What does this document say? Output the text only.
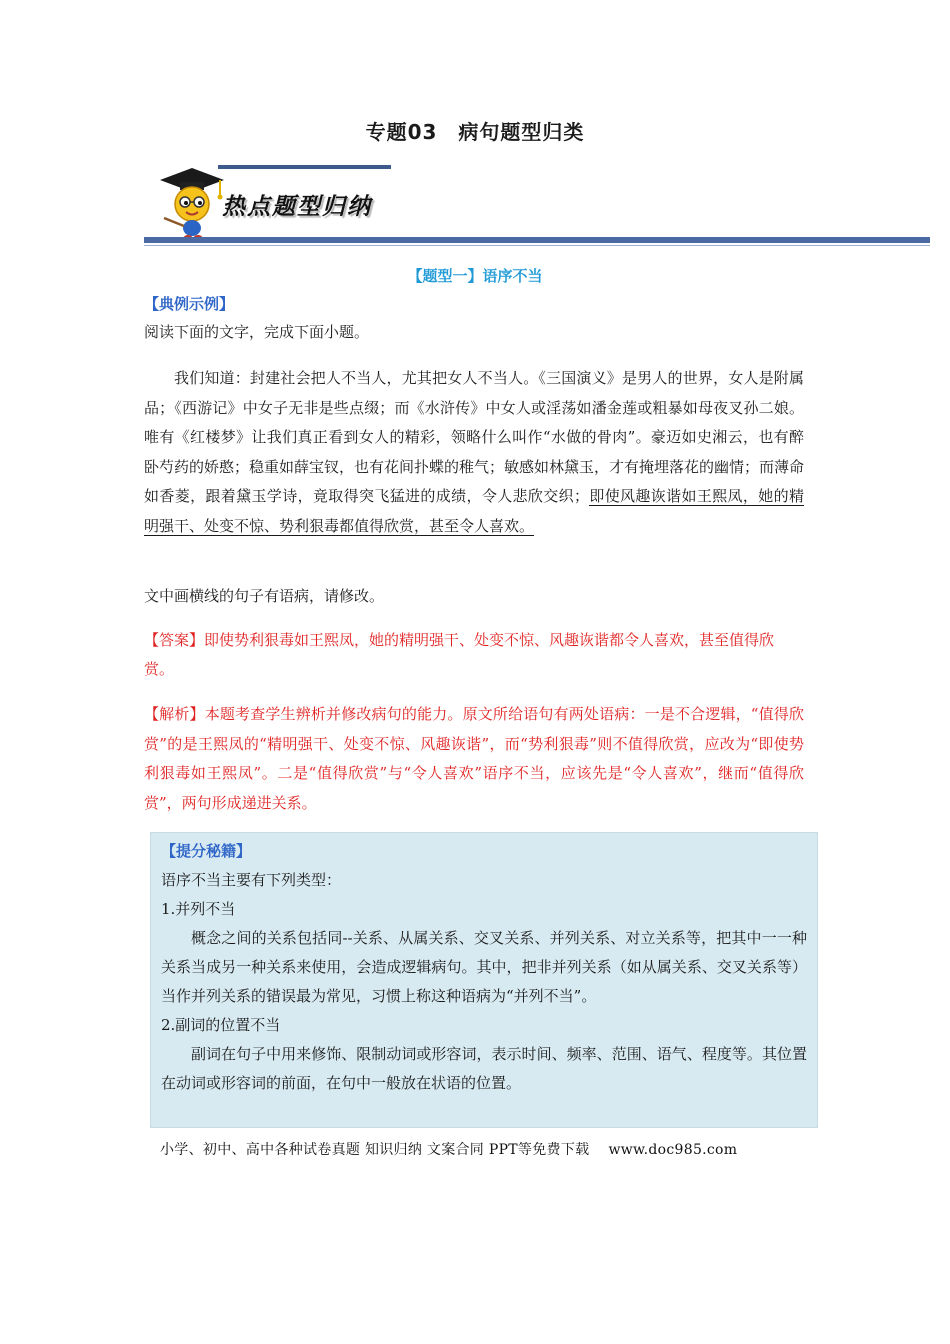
专题03　病句题型归类
热点题型归纳
【题型一】语序不当
【典例示例】
阅读下面的文字，完成下面小题。
我们知道：封建社会把人不当人，尤其把女人不当人。《三国演义》是男人的世界，女人是附属品；《西游记》中女子无非是些点缀；而《水浒传》中女人或淫荡如潘金莲或粗暴如母夜叉孙二娘。唯有《红楼梦》让我们真正看到女人的精彩，领略什么叫作“水做的骨肉”。豪迈如史湘云，也有醉卧芍药的娇憨；稳重如薛宝钗，也有花间扑蝶的稚气；敏感如林黛玉，才有掩埋落花的幽情；而薄命如香菱，跟着黛玉学诗，竟取得突飞猛进的成绩，令人悲欣交织；即使风趣诙谐如王熙凤，她的精明强干、处变不惊、势利狠毒都值得欣赏，甚至令人喜欢。
文中画横线的句子有语病，请修改。
【答案】即使势利狠毒如王熙凤，她的精明强干、处变不惊、风趣诙谐都令人喜欢，甚至值得欣赏。
【解析】本题考查学生辨析并修改病句的能力。原文所给语句有两处语病：一是不合逻辑，“值得欣赏”的是王熙凤的“精明强干、处变不惊、风趣诙谐”，而“势利狠毒”则不值得欣赏，应改为“即使势利狠毒如王熙凤”。二是“值得欣赏”与“令人喜欢”语序不当，应该先是“令人喜欢”，继而“值得欣赏”，两句形成递进关系。
【提分秘籍】
语序不当主要有下列类型：
1.并列不当
概念之间的关系包括同--关系、从属关系、交叉关系、并列关系、对立关系等，把其中一一种关系当成另一种关系来使用，会造成逻辑病句。其中，把非并列关系（如从属关系、交叉关系等）当作并列关系的错误最为常见，习惯上称这种语病为“并列不当”。
2.副词的位置不当
副词在句子中用来修饰、限制动词或形容词，表示时间、频率、范围、语气、程度等。其位置在动词或形容词的前面，在句中一般放在状语的位置。
小学、初中、高中各种试卷真题 知识归纳 文案合同 PPT等免费下载　 www.doc985.com
